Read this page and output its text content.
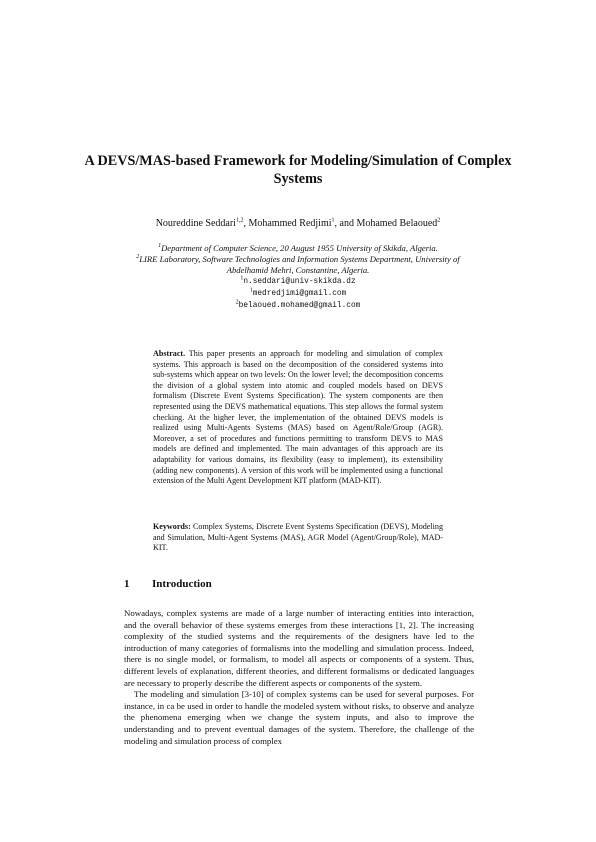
A DEVS/MAS-based Framework for Modeling/Simulation of Complex Systems
Noureddine Seddari$^{1,2}$, Mohammed Redjimi$^1$, and Mohamed Belaoued$^2$
$^1$Department of Computer Science, 20 August 1955 University of Skikda, Algeria.
$^2$LIRE Laboratory, Software Technologies and Information Systems Department, University of Abdelhamid Mehri, Constantine, Algeria.
$^1$n.seddari@univ-skikda.dz
$^1$medredjimi@gmail.com
$^2$belaoued.mohamed@gmail.com
Abstract. This paper presents an approach for modeling and simulation of complex systems. This approach is based on the decomposition of the considered systems into sub-systems which appear on two levels: On the lower level; the decomposition concerns the division of a global system into atomic and coupled models based on DEVS formalism (Discrete Event Systems Specification). The system components are then represented using the DEVS mathematical equations. This step allows the formal system checking. At the higher lever, the implementation of the obtained DEVS models is realized using Multi-Agents Systems (MAS) based on Agent/Role/Group (AGR). Moreover, a set of procedures and functions permitting to transform DEVS to MAS models are defined and implemented. The main advantages of this approach are its adaptability for various domains, its flexibility (easy to implement), its extensibility (adding new components). A version of this work will be implemented using a functional extension of the Multi Agent Development KIT platform (MAD-KIT).
Keywords: Complex Systems, Discrete Event Systems Specification (DEVS), Modeling and Simulation, Multi-Agent Systems (MAS), AGR Model (Agent/Group/Role), MAD-KIT.
1 Introduction

Nowadays, complex systems are made of a large number of interacting entities into interaction, and the overall behavior of these systems emerges from these interactions [1, 2]. The increasing complexity of the studied systems and the requirements of the designers have led to the introduction of many categories of formalisms into the modelling and simulation process. Indeed, there is no single model, or formalism, to model all aspects or components of a system. Thus, different levels of explanation, different theories, and different formalisms or dedicated languages are necessary to properly describe the different aspects or components of the system.

The modeling and simulation [3-10] of complex systems can be used for several purposes. For instance, in ca be used in order to handle the modeled system without risks, to observe and analyze the phenomena emerging when we change the system inputs, and also to improve the understanding and to prevent eventual damages of the system. Therefore, the challenge of the modeling and simulation process of complex
